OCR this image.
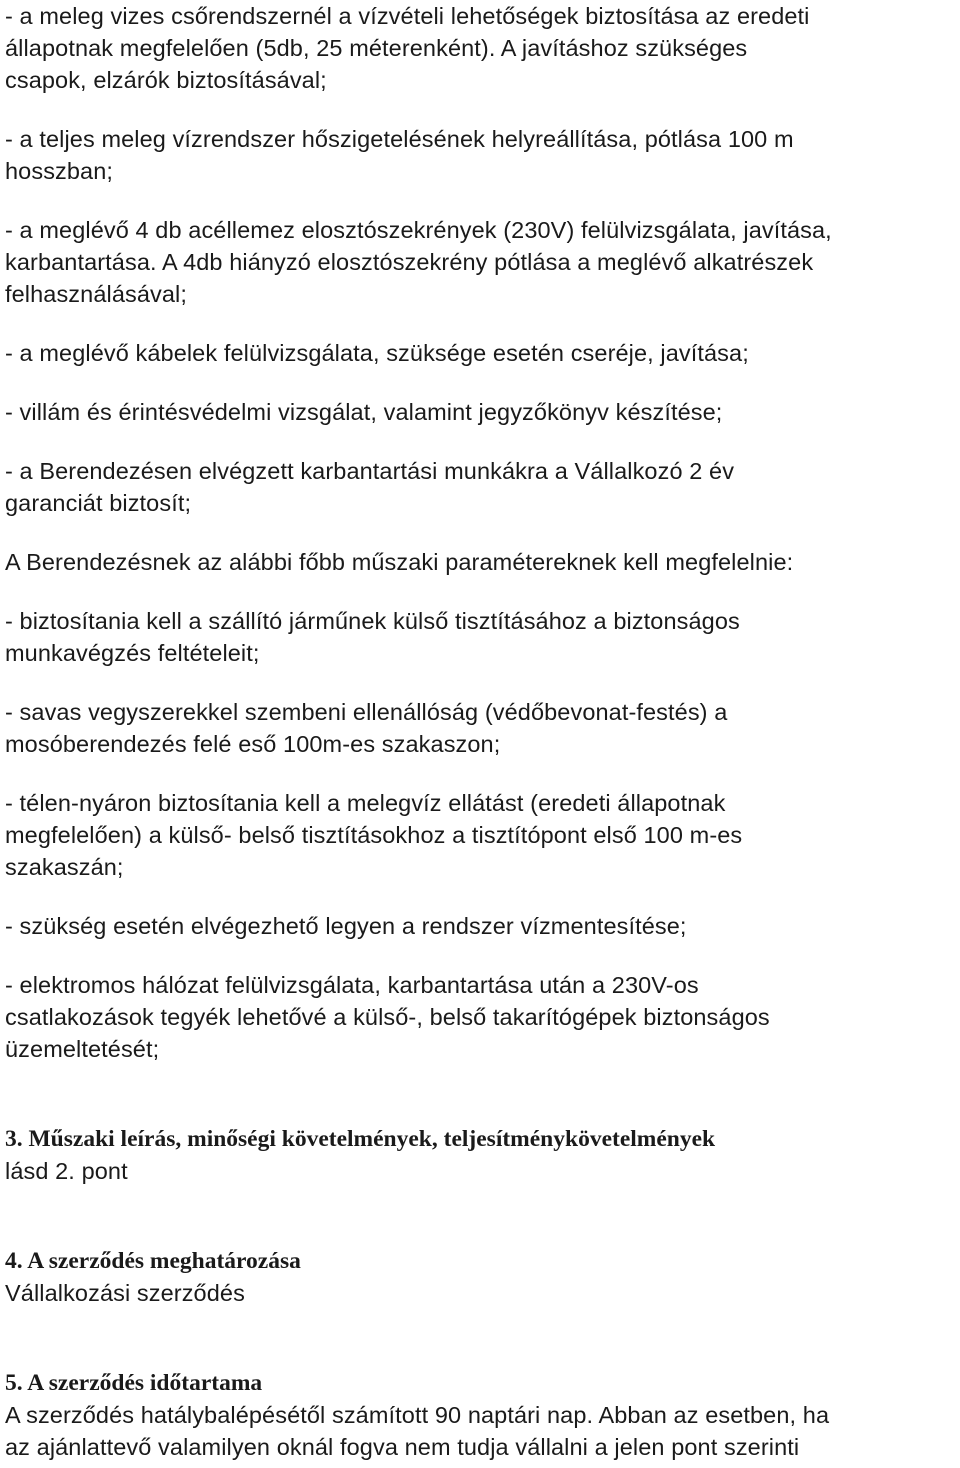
- a meleg vizes csőrendszernél a vízvételi lehetőségek biztosítása az eredeti
állapotnak megfelelően (5db, 25 méterenként). A javításhoz szükséges
csapok, elzárók biztosításával;

- a teljes meleg vízrendszer hőszigetelésének helyreállítása, pótlása 100 m
hosszban;

- a meglévő 4 db acéllemez elosztószekrények (230V) felülvizsgálata, javítása,
karbantartása. A 4db hiányzó elosztószekrény pótlása a meglévő alkatrészek
felhasználásával;

- a meglévő kábelek felülvizsgálata, szüksége esetén cseréje, javítása;

- villám és érintésvédelmi vizsgálat, valamint jegyzőkönyv készítése;

- a Berendezésen elvégzett karbantartási munkákra a Vállalkozó 2 év
garanciát biztosít;

A Berendezésnek az alábbi főbb műszaki paramétereknek kell megfelelnie:

- biztosítania kell a szállító járműnek külső tisztításához a biztonságos
munkavégzés feltételeit;

- savas vegyszerekkel szembeni ellenállóság (védőbevonat-festés) a
mosóberendezés felé eső 100m-es szakaszon;

- télen-nyáron biztosítania kell a melegvíz ellátást (eredeti állapotnak
megfelelően) a külső- belső tisztításokhoz a tisztítópont első 100 m-es
szakaszán;

- szükség esetén elvégezhető legyen a rendszer vízmentesítése;

- elektromos hálózat felülvizsgálata, karbantartása után a 230V-os
csatlakozások tegyék lehetővé a külső-, belső takarítógépek biztonságos
üzemeltetését;

3. Műszaki leírás, minőségi követelmények, teljesítménykövetelmények

lásd 2. pont

4. A szerződés meghatározása

Vállalkozási szerződés

5. A szerződés időtartama

A szerződés hatálybalépésétől számított 90 naptári nap. Abban az esetben, ha
az ajánlattevő valamilyen oknál fogva nem tudja vállalni a jelen pont szerinti
